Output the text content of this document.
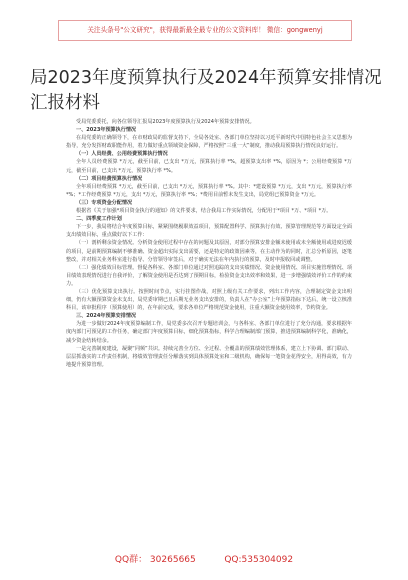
关注头条号"公文研究"，获得最新最全最专业的公文资料库！ 微信：gongwenyj
局2023年度预算执行及2024年预算安排情况汇报材料

受局党委委托，向各位领导汇报局2023年度预算执行及2024年预算安排情况。

一、2023年预算执行情况

在局党委的正确领导下，在市财政局的监督支持下，全局各处室、各部门单位坚持以习近平新时代中国特色社会主义思想为指导，充分发挥财政职能作用，着力做好重点领域资金保障，严格按照“三重一大”制度，推动我局预算执行情况良好运行。

（一）人员经费、公用经费预算执行情况

全年人员经费预算 *万元，截至目前，已支出 *万元，预算执行率 *%，超预算支出率 *%，原因为 *；公用经费预算 *万元，截至目前，已支出 *万元，预算执行率 *%。

（二）项目经费预算执行情况

全年项目经费预算 *万元，截至目前，已支出 *万元，预算执行率 *%。其中：*建设预算 *万元，支出 *万元，预算执行率 *%；*工作经费预算 *万元，支出 *万元，预算执行率 *%；*费用目前暂未发生支出，局党组已预算资金 *万元。

（三）专项资金分配情况

根据省《关于加强*项目资金执行的通知》的文件要求，结合我局工作实际情况，分配用于*项目 *万、*项目 *万。

二、四季度工作计划

下一步，我局将结合年度预算目标，紧紧围绕履职效益项目，预算配置科学、预算执行有效、预算管理规范等方面设定全面支出绩效目标，重点做好以下工作：

（一）剖析剩余资金情况。分析资金使用过程中存在的问题及其原因，对部分预算安排金额未使用或未全额使用或进度迟缓的项目，是前期预算编制不够准确、资金超出实际支出需要，还是特定的政策因素等，在主动作为的同时，汇总分析原因，逐笔整改，并对相关业务科室进行指导、分管领导审签后，对于确实无法在年内执行的预算，及时申报收回或调整。

（二）强化绩效目标管理。督促各科室、各部门单位通过对照追踪的支出实绩情况、资金使用情况、项目实施管理情况、项目绩效表现情况进行自我评价，了解资金使用是否达到了预期目标，检验资金支出效率和效果，进一步增强绩效评价工作的约束力。

（三）优化预算支出执行。按照时间节点，实行挂图作战，对照上级有关工作要求，列出工作内容，合理制定资金支出明细，仍有大额预算资金未支出，局党委审期已且后期无业务支出安排的，负责人在“办公室”上年预算指标下达后，统一设立核准科目，该审批程序（预算使用）的，在年前完成，要求各单位严格规范资金使用，注重大额资金使用效率，节约资金。

三、2024年预算安排情况

为进一步做好2024年度预算编制工作，局党委多次召开专题培训会，与各科室、各部门单位进行了充分沟通，要求根据年度内部门可预见的工作任务，确定部门年度预算目标，细化预算指标，科学合理编制部门预算，推进预算编制科学化，准确化，减少资金结转结余。

一是完善制度建设，凝聚“同频”共识。持续完善全方位、全过程、全覆盖的预算绩效管理体系，建立上下协调、部门联动、层层抓落实的工作责任机制，将绩效管理责任分解落实到具体预算处室和二级机构，确保每一笔资金花得安全，用得高效，有力地提升预算管理。

QQ群： 30265665          QQ:535304092
